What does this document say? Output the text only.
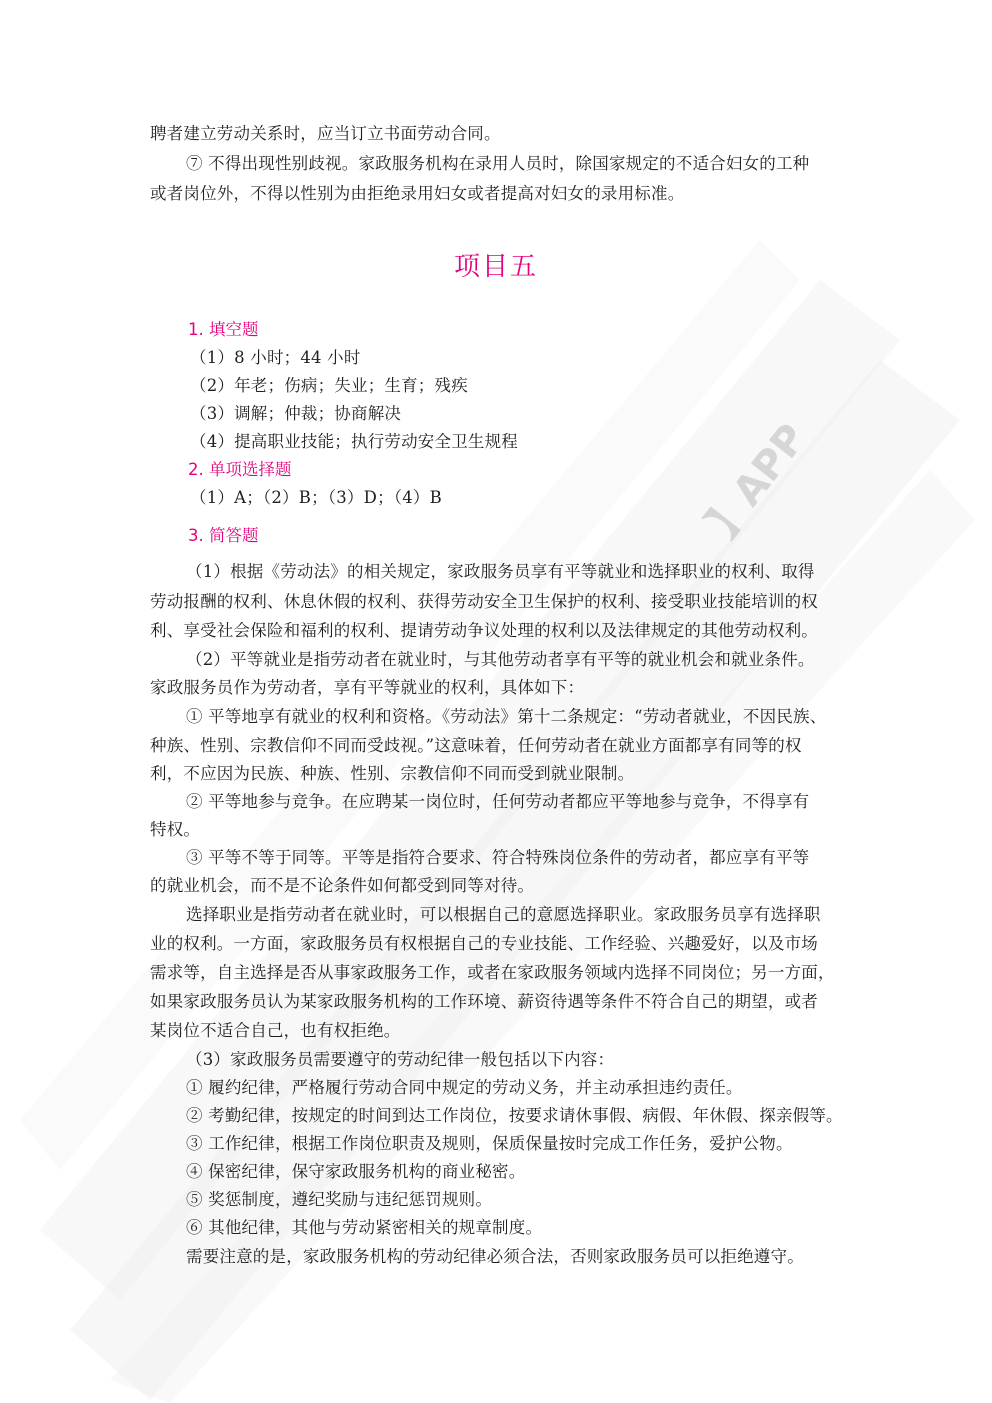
】APP
聘者建立劳动关系时，应当订立书面劳动合同。
⑦ 不得出现性别歧视。家政服务机构在录用人员时，除国家规定的不适合妇女的工种
或者岗位外，不得以性别为由拒绝录用妇女或者提高对妇女的录用标准。
项目五
1. 填空题
（1）8 小时；44 小时
（2）年老；伤病；失业；生育；残疾
（3）调解；仲裁；协商解决
（4）提高职业技能；执行劳动安全卫生规程
2. 单项选择题
（1）A；（2）B；（3）D；（4）B
3. 简答题
（1）根据《劳动法》的相关规定，家政服务员享有平等就业和选择职业的权利、取得
劳动报酬的权利、休息休假的权利、获得劳动安全卫生保护的权利、接受职业技能培训的权
利、享受社会保险和福利的权利、提请劳动争议处理的权利以及法律规定的其他劳动权利。
（2）平等就业是指劳动者在就业时，与其他劳动者享有平等的就业机会和就业条件。
家政服务员作为劳动者，享有平等就业的权利，具体如下：
① 平等地享有就业的权利和资格。《劳动法》第十二条规定：“劳动者就业，不因民族、
种族、性别、宗教信仰不同而受歧视。”这意味着，任何劳动者在就业方面都享有同等的权
利，不应因为民族、种族、性别、宗教信仰不同而受到就业限制。
② 平等地参与竞争。在应聘某一岗位时，任何劳动者都应平等地参与竞争，不得享有
特权。
③ 平等不等于同等。平等是指符合要求、符合特殊岗位条件的劳动者，都应享有平等
的就业机会，而不是不论条件如何都受到同等对待。
选择职业是指劳动者在就业时，可以根据自己的意愿选择职业。家政服务员享有选择职
业的权利。一方面，家政服务员有权根据自己的专业技能、工作经验、兴趣爱好，以及市场
需求等，自主选择是否从事家政服务工作，或者在家政服务领域内选择不同岗位；另一方面，
如果家政服务员认为某家政服务机构的工作环境、薪资待遇等条件不符合自己的期望，或者
某岗位不适合自己，也有权拒绝。
（3）家政服务员需要遵守的劳动纪律一般包括以下内容：
① 履约纪律，严格履行劳动合同中规定的劳动义务，并主动承担违约责任。
② 考勤纪律，按规定的时间到达工作岗位，按要求请休事假、病假、年休假、探亲假等。
③ 工作纪律，根据工作岗位职责及规则，保质保量按时完成工作任务，爱护公物。
④ 保密纪律，保守家政服务机构的商业秘密。
⑤ 奖惩制度，遵纪奖励与违纪惩罚规则。
⑥ 其他纪律，其他与劳动紧密相关的规章制度。
需要注意的是，家政服务机构的劳动纪律必须合法，否则家政服务员可以拒绝遵守。
